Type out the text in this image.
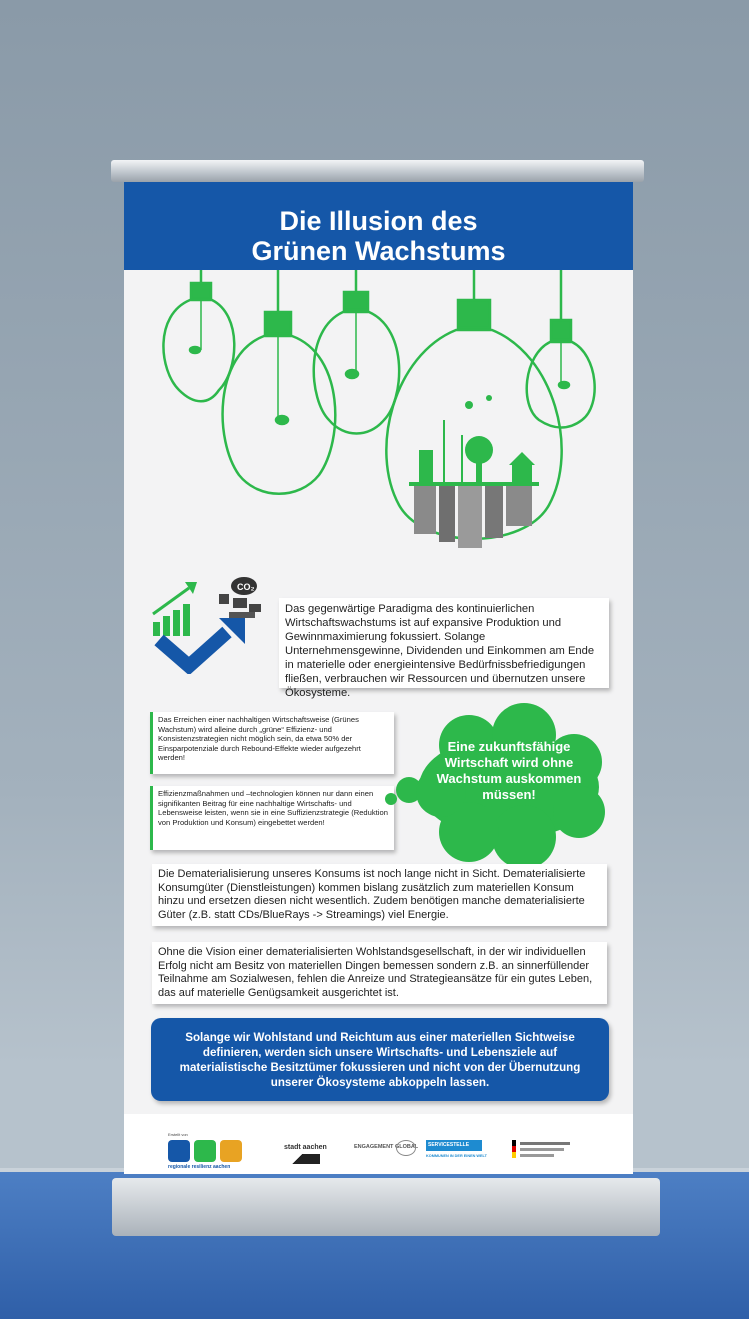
Die Illusion des
Grünen Wachstums
CO₂
Das gegenwärtige Paradigma des kontinuierlichen Wirtschaftswachstums ist auf expansive Produktion und Gewinnmaximierung fokussiert. Solange Unternehmensgewinne, Dividenden und Einkommen am Ende in materielle oder energieintensive Bedürfnissbefriedigungen fließen, verbrauchen wir Ressourcen und übernutzen unsere Ökosysteme.
Das Erreichen einer nachhaltigen Wirtschaftsweise (Grünes Wachstum) wird alleine durch „grüne“ Effizienz- und Konsistenzstrategien nicht möglich sein, da etwa 50% der Einsparpotenziale durch Rebound-Effekte wieder aufgezehrt werden!
Effizienzmaßnahmen und –technologien können nur dann einen signifikanten Beitrag für eine nachhaltige Wirtschafts- und Lebensweise leisten, wenn sie in eine Suffizienzstrategie (Reduktion von Produktion und Konsum) eingebettet werden!
Eine zukunftsfähige Wirtschaft wird ohne Wachstum auskommen müssen!
Die Dematerialisierung unseres Konsums ist noch lange nicht in Sicht. Dematerialisierte Konsumgüter (Dienstleistungen) kommen bislang zusätzlich zum materiellen Konsum hinzu und ersetzen diesen nicht wesentlich. Zudem benötigen manche dematerialisierte Güter (z.B. statt CDs/BlueRays -> Streamings) viel Energie.
Ohne die Vision einer dematerialisierten Wohlstandsgesellschaft, in der wir individuellen Erfolg nicht am Besitz von materiellen Dingen bemessen sondern z.B. an sinnerfüllender Teilnahme am Sozialwesen, fehlen die Anreize und Strategieansätze für ein gutes Leben, das auf materielle Genügsamkeit ausgerichtet ist.
Solange wir Wohlstand und Reichtum aus einer materiellen Sichtweise definieren, werden sich unsere Wirtschafts- und Lebensziele auf materialistische Besitztümer fokussieren und nicht von der Übernutzung unserer Ökosysteme abkoppeln lassen.
Erstellt von
regionale resilienz aachen
stadt aachen	ENGAGEMENT GLOBAL SERVICESTELLE
KOMMUNEN IN DER EINEN WELT
